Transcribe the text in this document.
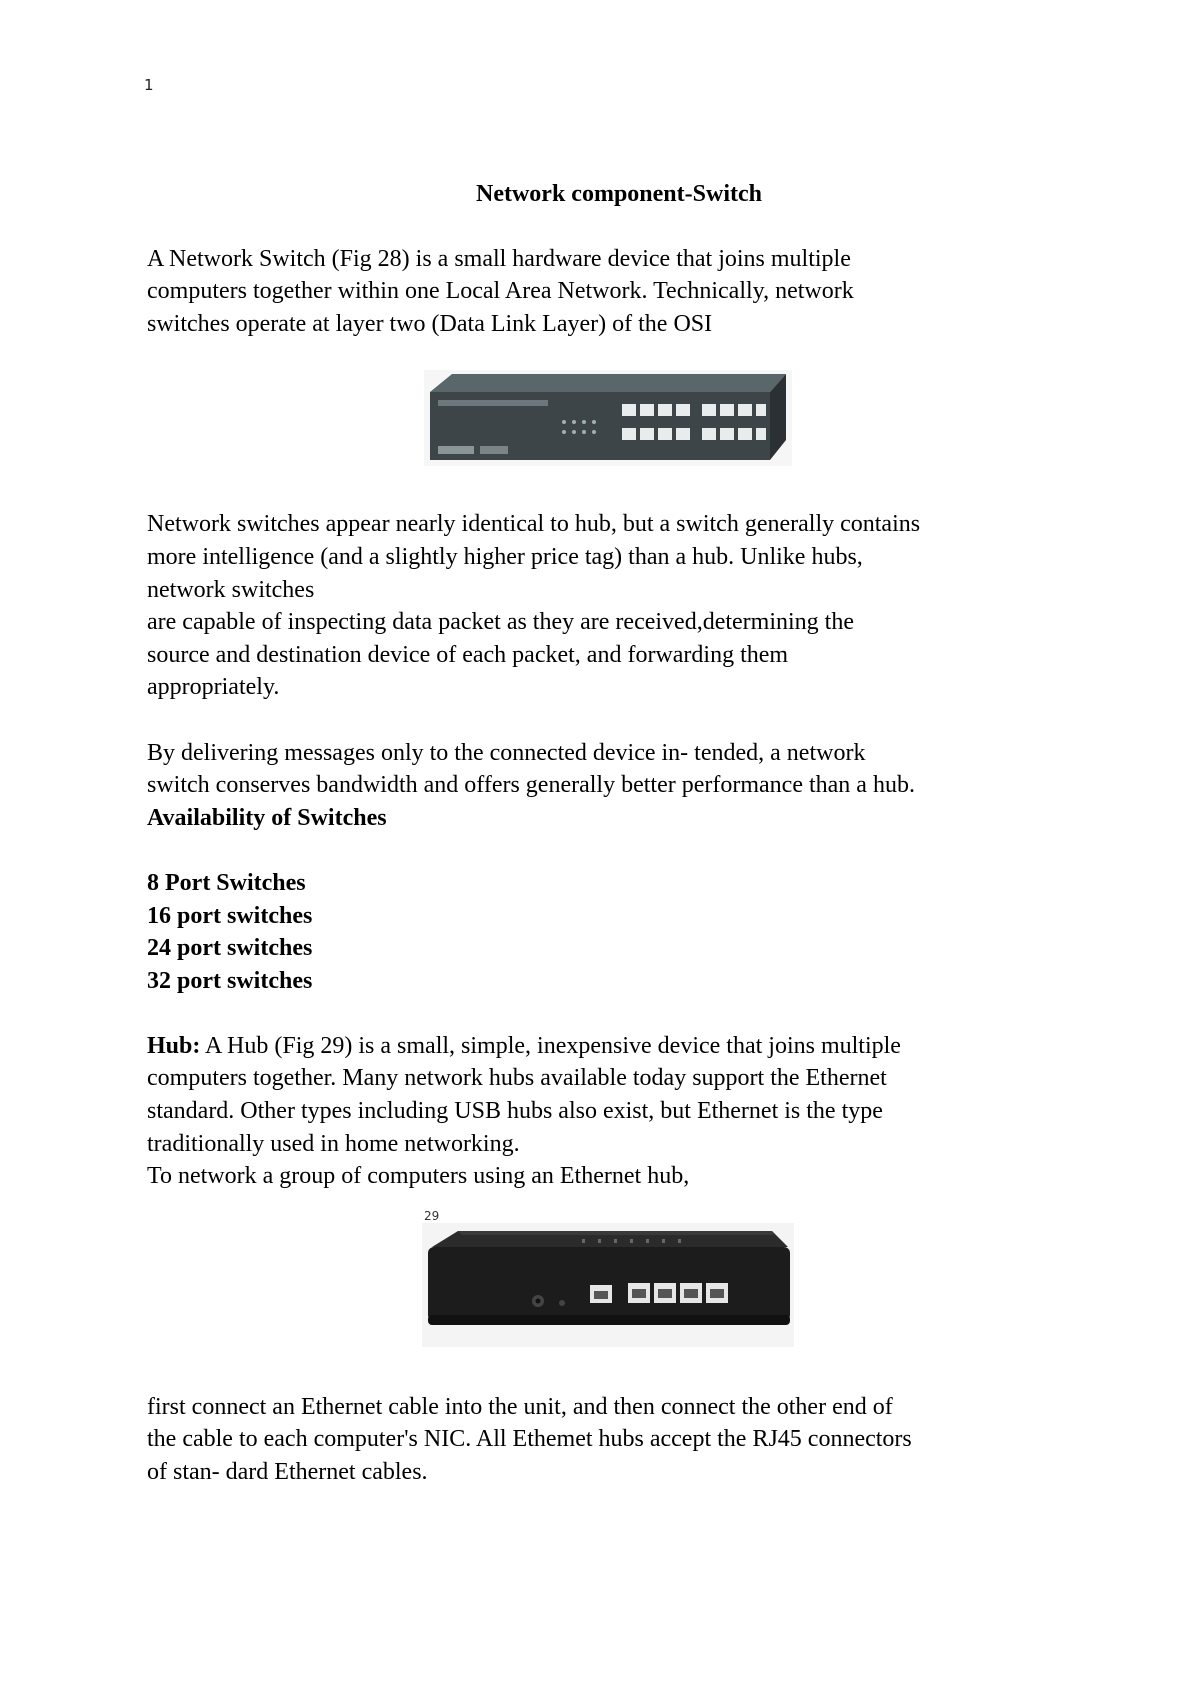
1

Network component-Switch

A Network Switch (Fig 28) is a small hardware device that joins multiple
computers together within one Local Area Network. Technically, network
switches operate at layer two (Data Link Layer) of the OSI

Network switches appear nearly identical to hub, but a switch generally contains
more intelligence (and a slightly higher price tag) than a hub. Unlike hubs,
network switches
are capable of inspecting data packet as they are received,determining the
source and destination device of each packet, and forwarding them
appropriately.

By delivering messages only to the connected device in- tended, a network
switch conserves bandwidth and offers generally better performance than a hub.

Availability of Switches

8 Port Switches
16 port switches
24 port switches
32 port switches

Hub: A Hub (Fig 29) is a small, simple, inexpensive device that joins multiple
computers together. Many network hubs available today support the Ethernet
standard. Other types including USB hubs also exist, but Ethernet is the type
traditionally used in home networking.
To network a group of computers using an Ethernet hub,

29

first connect an Ethernet cable into the unit, and then connect the other end of
the cable to each computer's NIC. All Ethemet hubs accept the RJ45 connectors
of stan- dard Ethernet cables.
